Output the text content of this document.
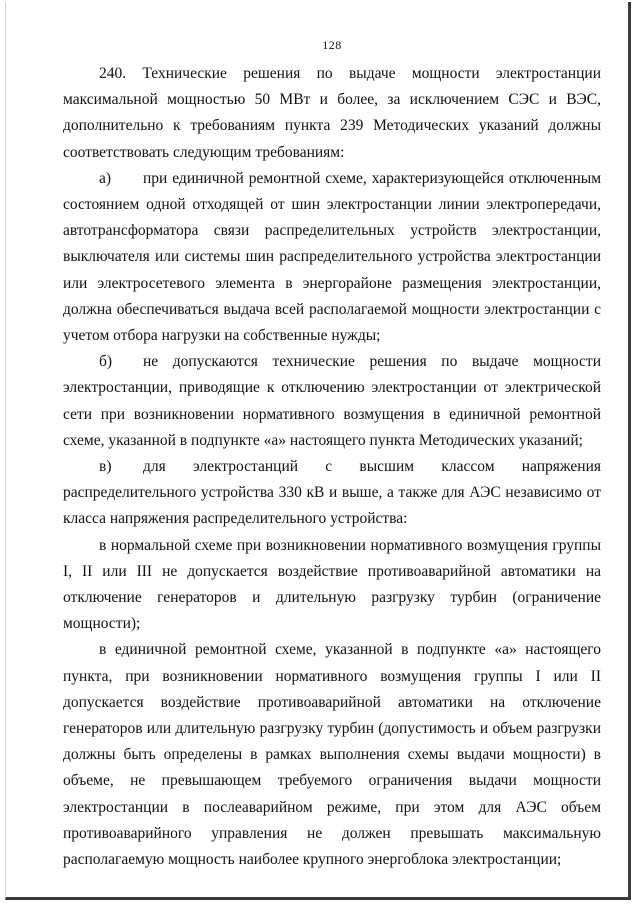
128

240. Технические решения по выдаче мощности электростанции максимальной мощностью 50 МВт и более, за исключением СЭС и ВЭС, дополнительно к требованиям пункта 239 Методических указаний должны соответствовать следующим требованиям:

а) при единичной ремонтной схеме, характеризующейся отключенным состоянием одной отходящей от шин электростанции линии электропередачи, автотрансформатора связи распределительных устройств электростанции, выключателя или системы шин распределительного устройства электростанции или электросетевого элемента в энергорайоне размещения электростанции, должна обеспечиваться выдача всей располагаемой мощности электростанции с учетом отбора нагрузки на собственные нужды;

б) не допускаются технические решения по выдаче мощности электростанции, приводящие к отключению электростанции от электрической сети при возникновении нормативного возмущения в единичной ремонтной схеме, указанной в подпункте «а» настоящего пункта Методических указаний;

в) для электростанций с высшим классом напряжения распределительного устройства 330 кВ и выше, а также для АЭС независимо от класса напряжения распределительного устройства:

в нормальной схеме при возникновении нормативного возмущения группы I, II или III не допускается воздействие противоаварийной автоматики на отключение генераторов и длительную разгрузку турбин (ограничение мощности);

в единичной ремонтной схеме, указанной в подпункте «а» настоящего пункта, при возникновении нормативного возмущения группы I или II допускается воздействие противоаварийной автоматики на отключение генераторов или длительную разгрузку турбин (допустимость и объем разгрузки должны быть определены в рамках выполнения схемы выдачи мощности) в объеме, не превышающем требуемого ограничения выдачи мощности электростанции в послеаварийном режиме, при этом для АЭС объем противоаварийного управления не должен превышать максимальную располагаемую мощность наиболее крупного энергоблока электростанции;
